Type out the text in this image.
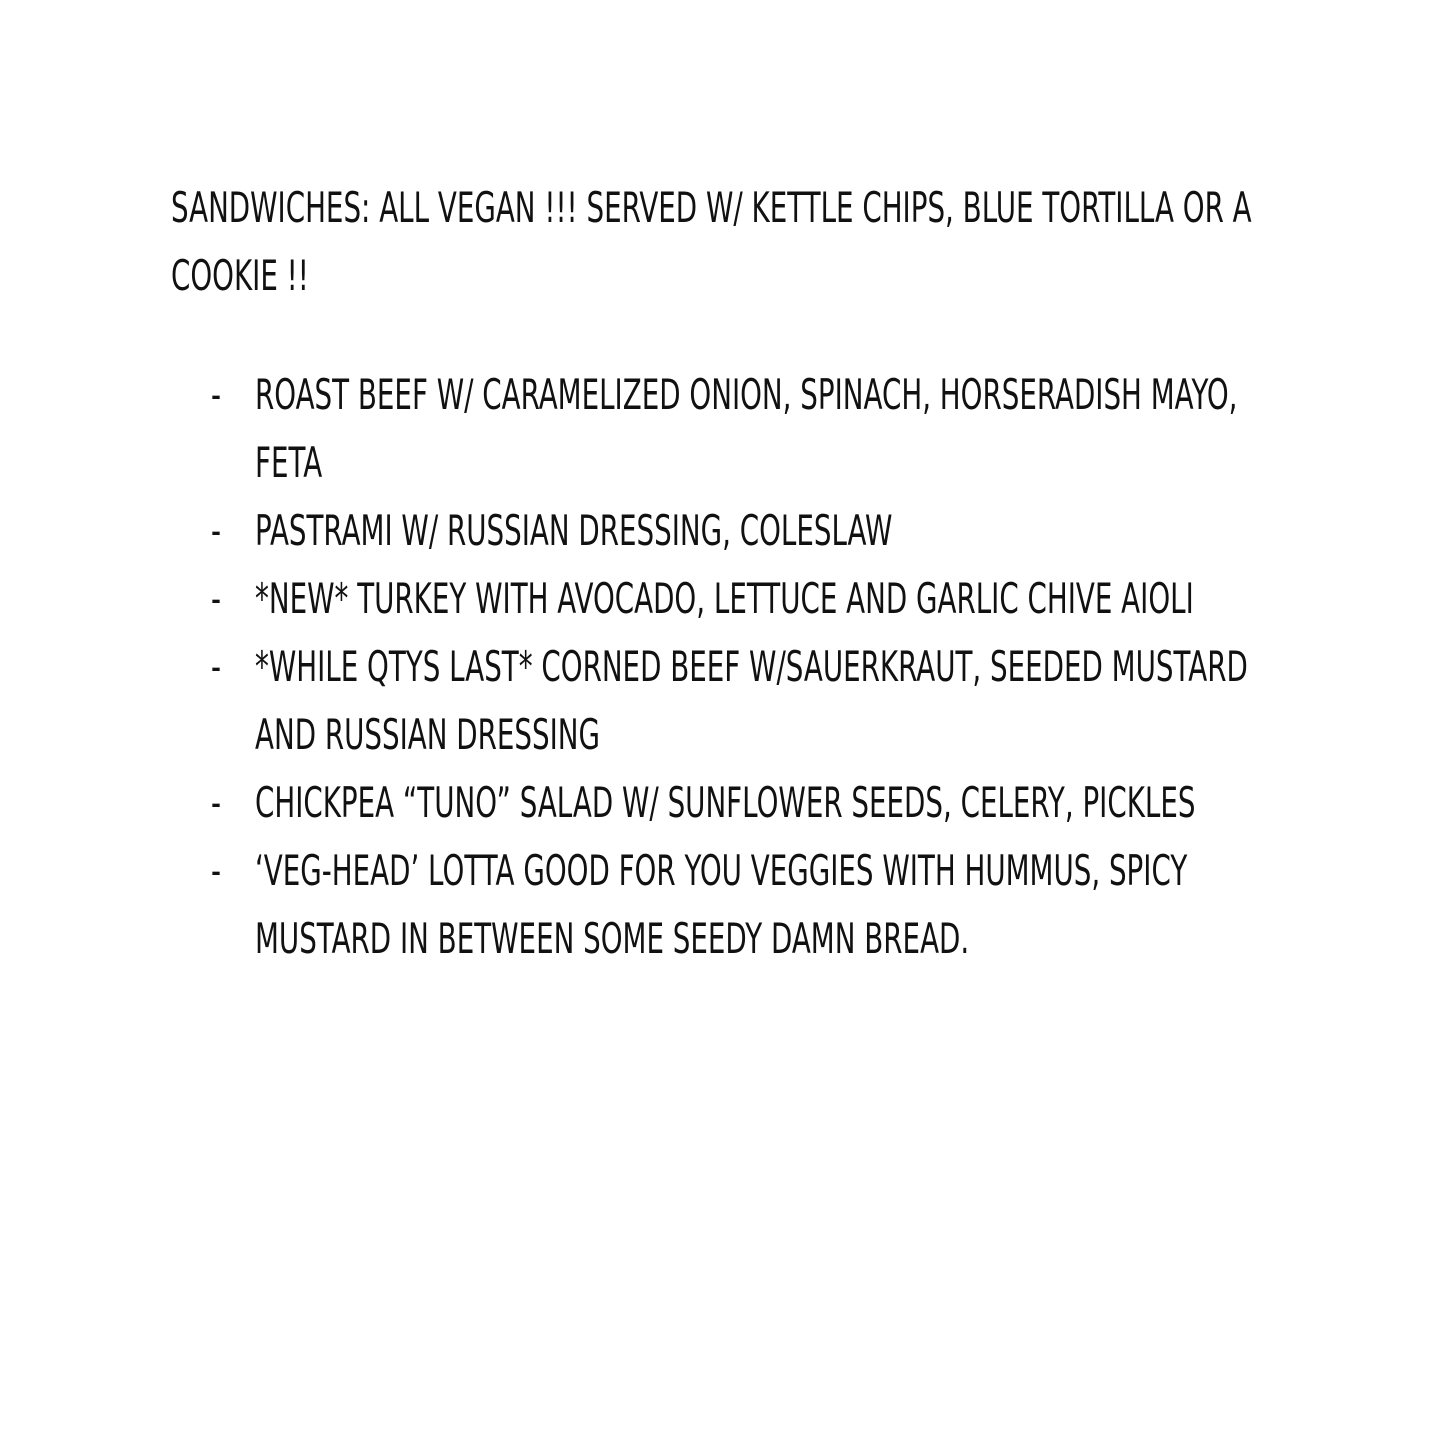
SANDWICHES: ALL VEGAN !!! SERVED W/ KETTLE CHIPS, BLUE TORTILLA OR A COOKIE !!

- ROAST BEEF W/ CARAMELIZED ONION, SPINACH, HORSERADISH MAYO, FETA
- PASTRAMI W/ RUSSIAN DRESSING, COLESLAW
- *NEW* TURKEY WITH AVOCADO, LETTUCE AND GARLIC CHIVE AIOLI
- *WHILE QTYS LAST* CORNED BEEF W/SAUERKRAUT, SEEDED MUSTARD AND RUSSIAN DRESSING
- CHICKPEA “TUNO” SALAD W/ SUNFLOWER SEEDS, CELERY, PICKLES
- ‘VEG-HEAD’ LOTTA GOOD FOR YOU VEGGIES WITH HUMMUS, SPICY MUSTARD IN BETWEEN SOME SEEDY DAMN BREAD.
